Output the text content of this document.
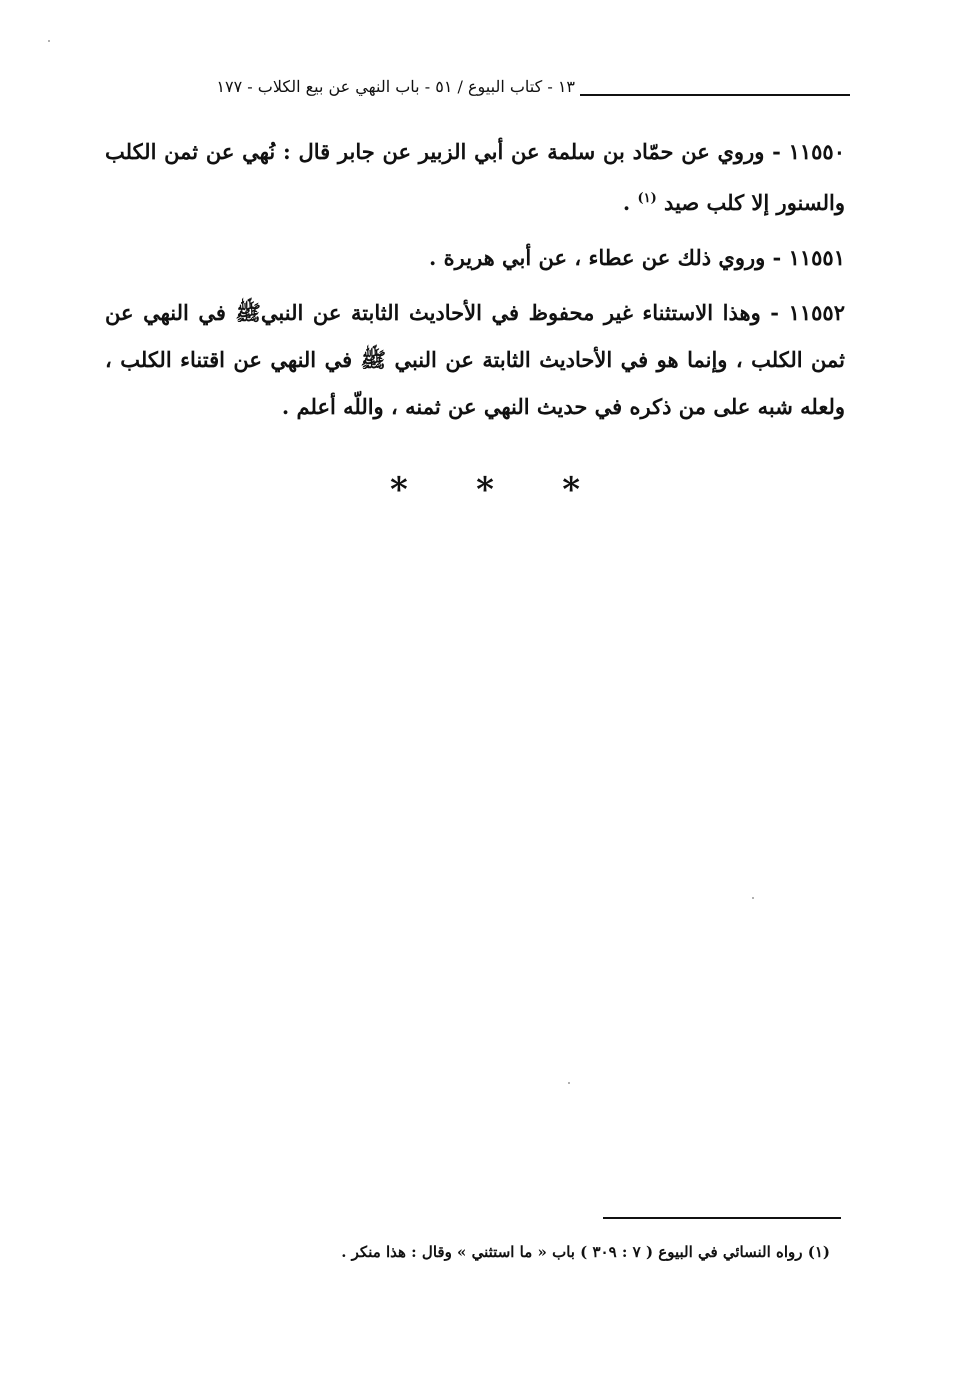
١٣ - كتاب البيوع / ٥١ - باب النهي عن بيع الكلاب - ١٧٧

١١٥٥٠ - وروي عن حمّاد بن سلمة عن أبي الزبير عن جابر قال : نُهي عن ثمن الكلب والسنور إلا كلب صيد $^{(١)}$ .

١١٥٥١ - وروي ذلك عن عطاء ، عن أبي هريرة .

١١٥٥٢ - وهذا الاستثناء غير محفوظ في الأحاديث الثابتة عن النبيﷺ في النهي عن ثمن الكلب ، وإنما هو في الأحاديث الثابتة عن النبي ﷺ في النهي عن اقتناء الكلب ، ولعله شبه على من ذكره في حديث النهي عن ثمنه ، واللّه أعلم .

* * *
(١) رواه النسائي في البيوع ( ٧ : ٣٠٩ ) باب « ما استثني » وقال : هذا منكر .
